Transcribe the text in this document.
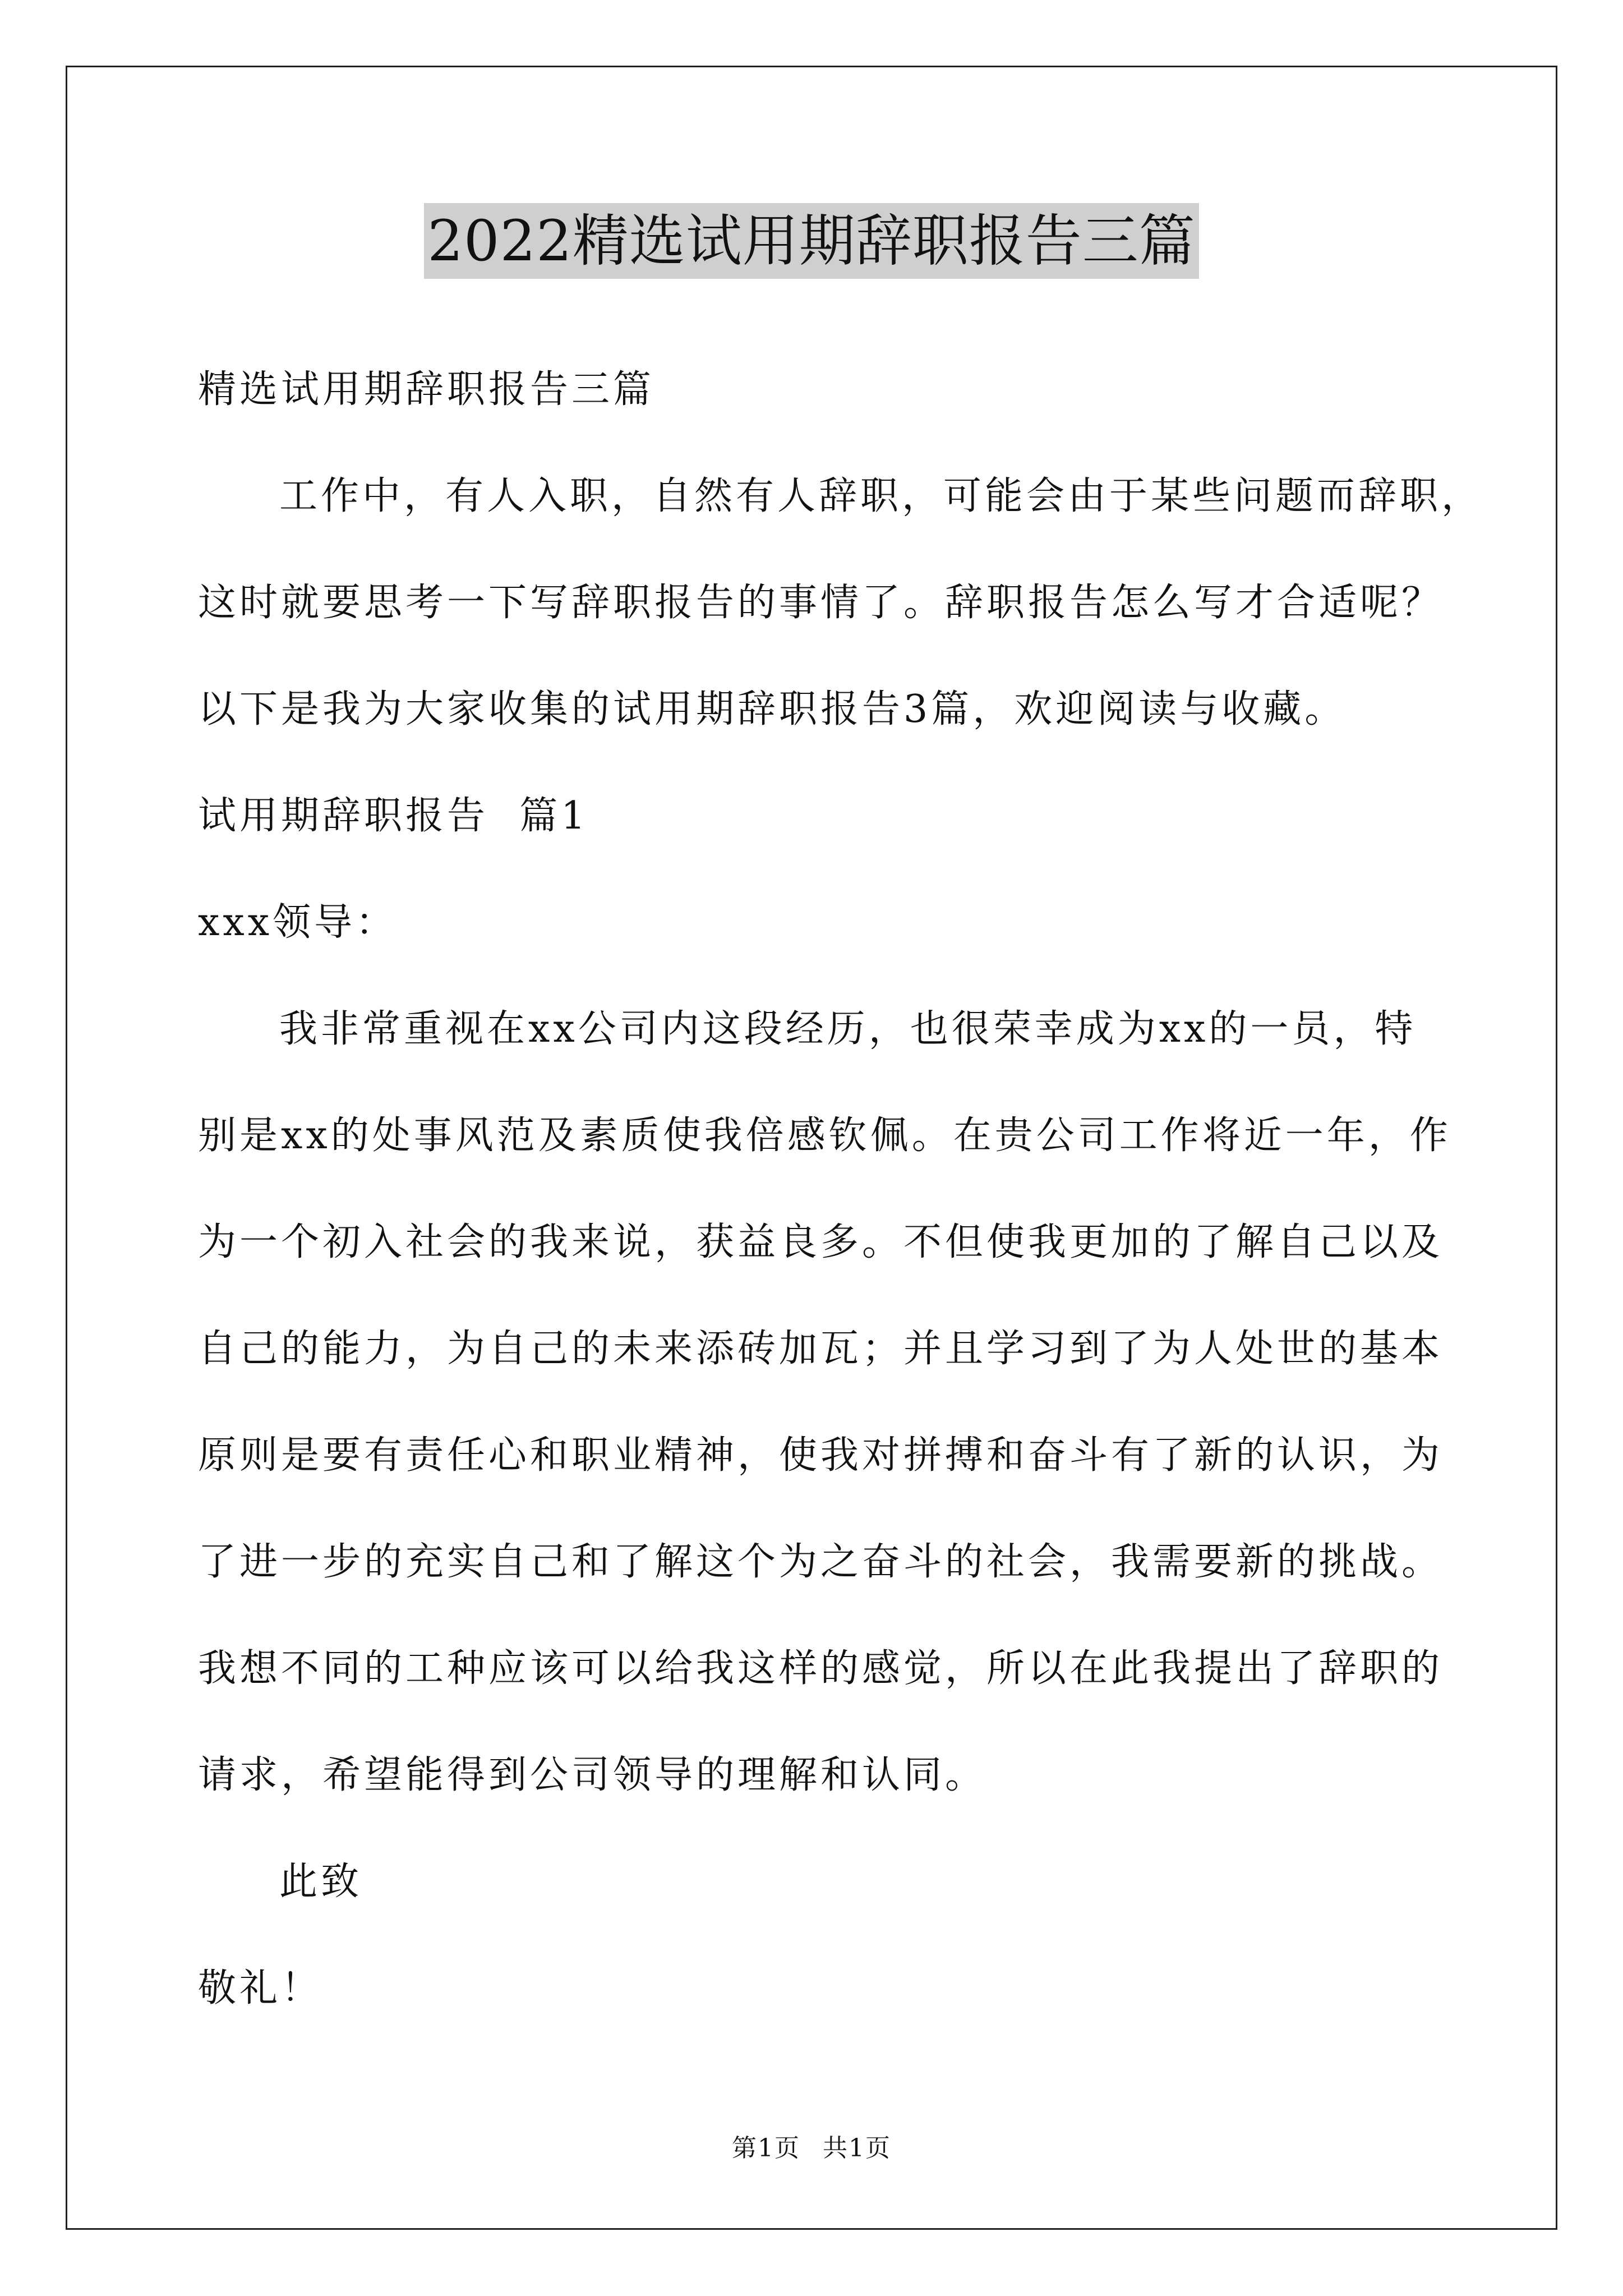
2022精选试用期辞职报告三篇

精选试用期辞职报告三篇

工作中，有人入职，自然有人辞职，可能会由于某些问题而辞职，

这时就要思考一下写辞职报告的事情了。辞职报告怎么写才合适呢？

以下是我为大家收集的试用期辞职报告3篇，欢迎阅读与收藏。

试用期辞职报告  篇1

xxx领导：

我非常重视在xx公司内这段经历，也很荣幸成为xx的一员，特

别是xx的处事风范及素质使我倍感钦佩。在贵公司工作将近一年，作

为一个初入社会的我来说，获益良多。不但使我更加的了解自己以及

自己的能力，为自己的未来添砖加瓦；并且学习到了为人处世的基本

原则是要有责任心和职业精神，使我对拼搏和奋斗有了新的认识，为

了进一步的充实自己和了解这个为之奋斗的社会，我需要新的挑战。

我想不同的工种应该可以给我这样的感觉，所以在此我提出了辞职的

请求，希望能得到公司领导的理解和认同。

此致

敬礼！

第1页 共1页
